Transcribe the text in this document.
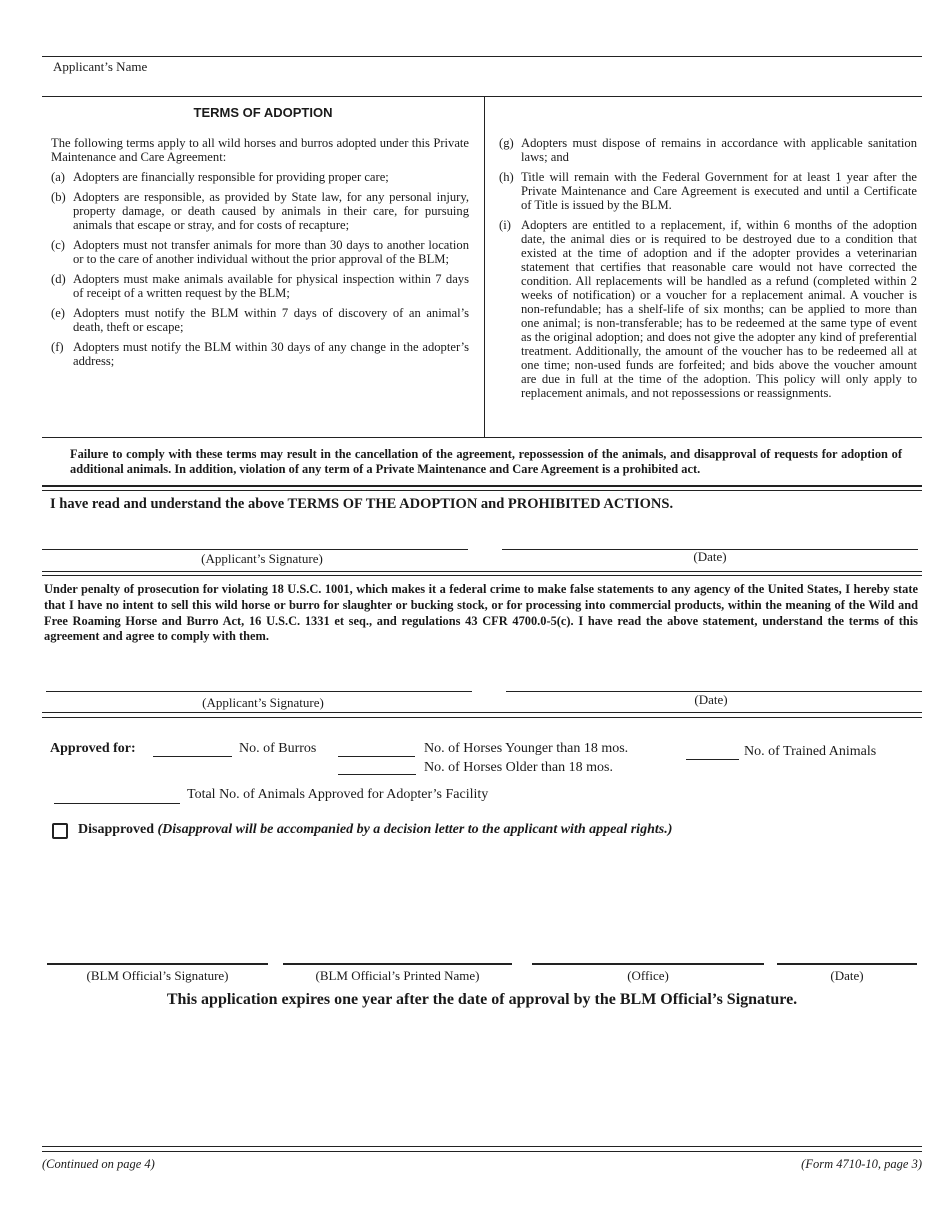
Applicant’s Name
TERMS OF ADOPTION

The following terms apply to all wild horses and burros adopted under this Private Maintenance and Care Agreement:

(a) Adopters are financially responsible for providing proper care;
(b) Adopters are responsible, as provided by State law, for any personal injury, property damage, or death caused by animals in their care, for pursuing animals that escape or stray, and for costs of recapture;
(c) Adopters must not transfer animals for more than 30 days to another location or to the care of another individual without the prior approval of the BLM;
(d) Adopters must make animals available for physical inspection within 7 days of receipt of a written request by the BLM;
(e) Adopters must notify the BLM within 7 days of discovery of an animal’s death, theft or escape;
(f) Adopters must notify the BLM within 30 days of any change in the adopter’s address;
(g) Adopters must dispose of remains in accordance with applicable sanitation laws; and
(h) Title will remain with the Federal Government for at least 1 year after the Private Maintenance and Care Agreement is executed and until a Certificate of Title is issued by the BLM.
(i) Adopters are entitled to a replacement, if, within 6 months of the adoption date, the animal dies or is required to be destroyed due to a condition that existed at the time of adoption and if the adopter provides a veterinarian statement that certifies that reasonable care would not have corrected the condition. All replacements will be handled as a refund (completed within 2 weeks of notification) or a voucher for a replacement animal. A voucher is non-refundable; has a shelf-life of six months; can be applied to more than one animal; is non-transferable; has to be redeemed at the same type of event as the original adoption; and does not give the adopter any kind of preferential treatment. Additionally, the amount of the voucher has to be redeemed all at one time; non-used funds are forfeited; and bids above the voucher amount are due in full at the time of the adoption. This policy will only apply to replacement animals, and not repossessions or reassignments.
Failure to comply with these terms may result in the cancellation of the agreement, repossession of the animals, and disapproval of requests for adoption of additional animals. In addition, violation of any term of a Private Maintenance and Care Agreement is a prohibited act.
I have read and understand the above TERMS OF THE ADOPTION and PROHIBITED ACTIONS.
(Applicant’s Signature)	(Date)
Under penalty of prosecution for violating 18 U.S.C. 1001, which makes it a federal crime to make false statements to any agency of the United States, I hereby state that I have no intent to sell this wild horse or burro for slaughter or bucking stock, or for processing into commercial products, within the meaning of the Wild and Free Roaming Horse and Burro Act, 16 U.S.C. 1331 et seq., and regulations 43 CFR 4700.0-5(c). I have read the above statement, understand the terms of this agreement and agree to comply with them.
(Applicant’s Signature)	(Date)
Approved for:	No. of Burros	No. of Horses Younger than 18 mos.
No. of Horses Older than 18 mos.
No. of Trained Animals
Total No. of Animals Approved for Adopter’s Facility
Disapproved (Disapproval will be accompanied by a decision letter to the applicant with appeal rights.)
(BLM Official’s Signature)	(BLM Official’s Printed Name)	(Office)	(Date)
This application expires one year after the date of approval by the BLM Official’s Signature.
(Continued on page 4)	(Form 4710-10, page 3)
